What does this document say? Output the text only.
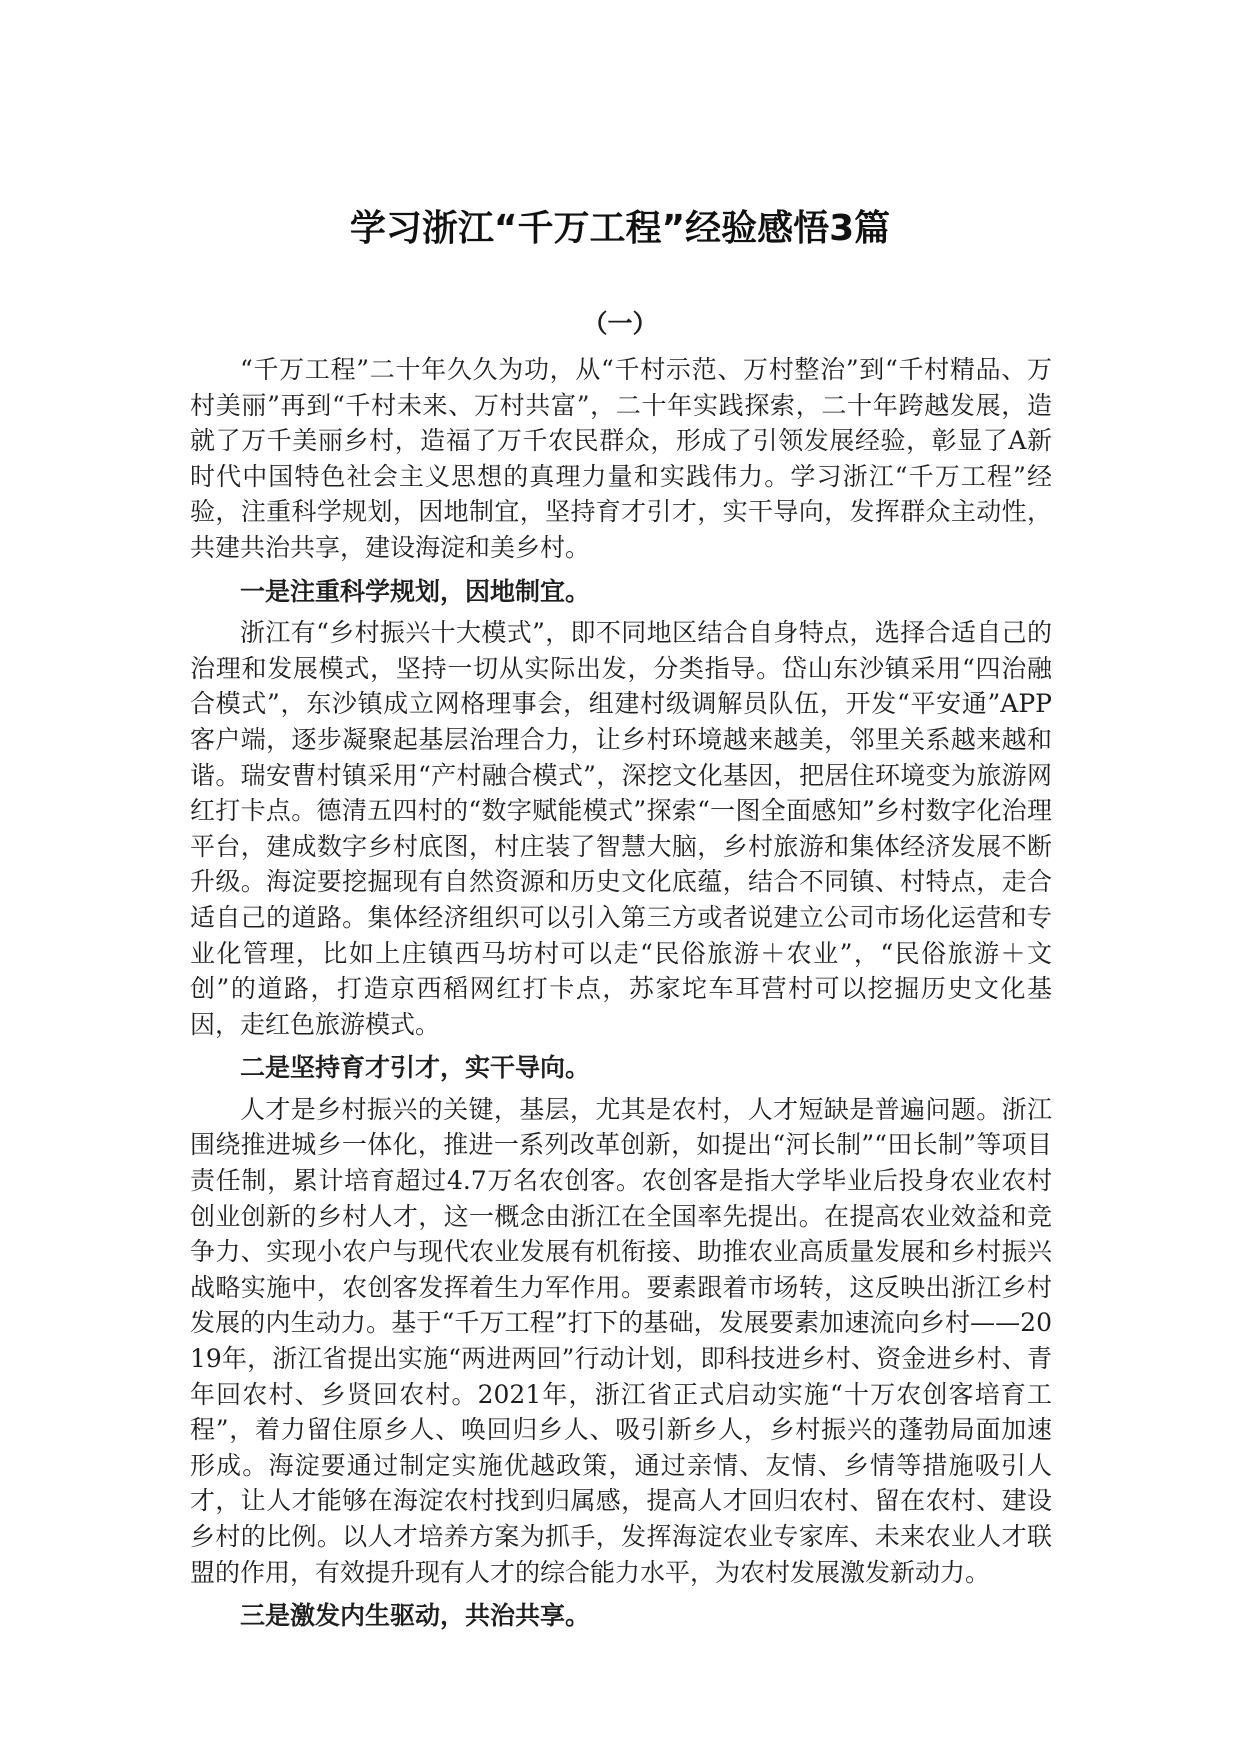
学习浙江“千万工程”经验感悟3篇
（一）

“千万工程”二十年久久为功，从“千村示范、万村整治”到“千村精品、万村美丽”再到“千村未来、万村共富”，二十年实践探索，二十年跨越发展，造就了万千美丽乡村，造福了万千农民群众，形成了引领发展经验，彰显了A新时代中国特色社会主义思想的真理力量和实践伟力。学习浙江“千万工程”经验，注重科学规划，因地制宜，坚持育才引才，实干导向，发挥群众主动性，共建共治共享，建设海淀和美乡村。

一是注重科学规划，因地制宜。

浙江有“乡村振兴十大模式”，即不同地区结合自身特点，选择合适自己的治理和发展模式，坚持一切从实际出发，分类指导。岱山东沙镇采用“四治融合模式”，东沙镇成立网格理事会，组建村级调解员队伍，开发“平安通”APP客户端，逐步凝聚起基层治理合力，让乡村环境越来越美，邻里关系越来越和谐。瑞安曹村镇采用“产村融合模式”，深挖文化基因，把居住环境变为旅游网红打卡点。德清五四村的“数字赋能模式”探索“一图全面感知”乡村数字化治理平台，建成数字乡村底图，村庄装了智慧大脑，乡村旅游和集体经济发展不断升级。海淀要挖掘现有自然资源和历史文化底蕴，结合不同镇、村特点，走合适自己的道路。集体经济组织可以引入第三方或者说建立公司市场化运营和专业化管理，比如上庄镇西马坊村可以走“民俗旅游＋农业”，“民俗旅游＋文创”的道路，打造京西稻网红打卡点，苏家坨车耳营村可以挖掘历史文化基因，走红色旅游模式。

二是坚持育才引才，实干导向。

人才是乡村振兴的关键，基层，尤其是农村，人才短缺是普遍问题。浙江围绕推进城乡一体化，推进一系列改革创新，如提出“河长制”“田长制”等项目责任制，累计培育超过4.7万名农创客。农创客是指大学毕业后投身农业农村创业创新的乡村人才，这一概念由浙江在全国率先提出。在提高农业效益和竞争力、实现小农户与现代农业发展有机衔接、助推农业高质量发展和乡村振兴战略实施中，农创客发挥着生力军作用。要素跟着市场转，这反映出浙江乡村发展的内生动力。基于“千万工程”打下的基础，发展要素加速流向乡村——2019年，浙江省提出实施“两进两回”行动计划，即科技进乡村、资金进乡村、青年回农村、乡贤回农村。2021年，浙江省正式启动实施“十万农创客培育工程”，着力留住原乡人、唤回归乡人、吸引新乡人，乡村振兴的蓬勃局面加速形成。海淀要通过制定实施优越政策，通过亲情、友情、乡情等措施吸引人才，让人才能够在海淀农村找到归属感，提高人才回归农村、留在农村、建设乡村的比例。以人才培养方案为抓手，发挥海淀农业专家库、未来农业人才联盟的作用，有效提升现有人才的综合能力水平，为农村发展激发新动力。

三是激发内生驱动，共治共享。
